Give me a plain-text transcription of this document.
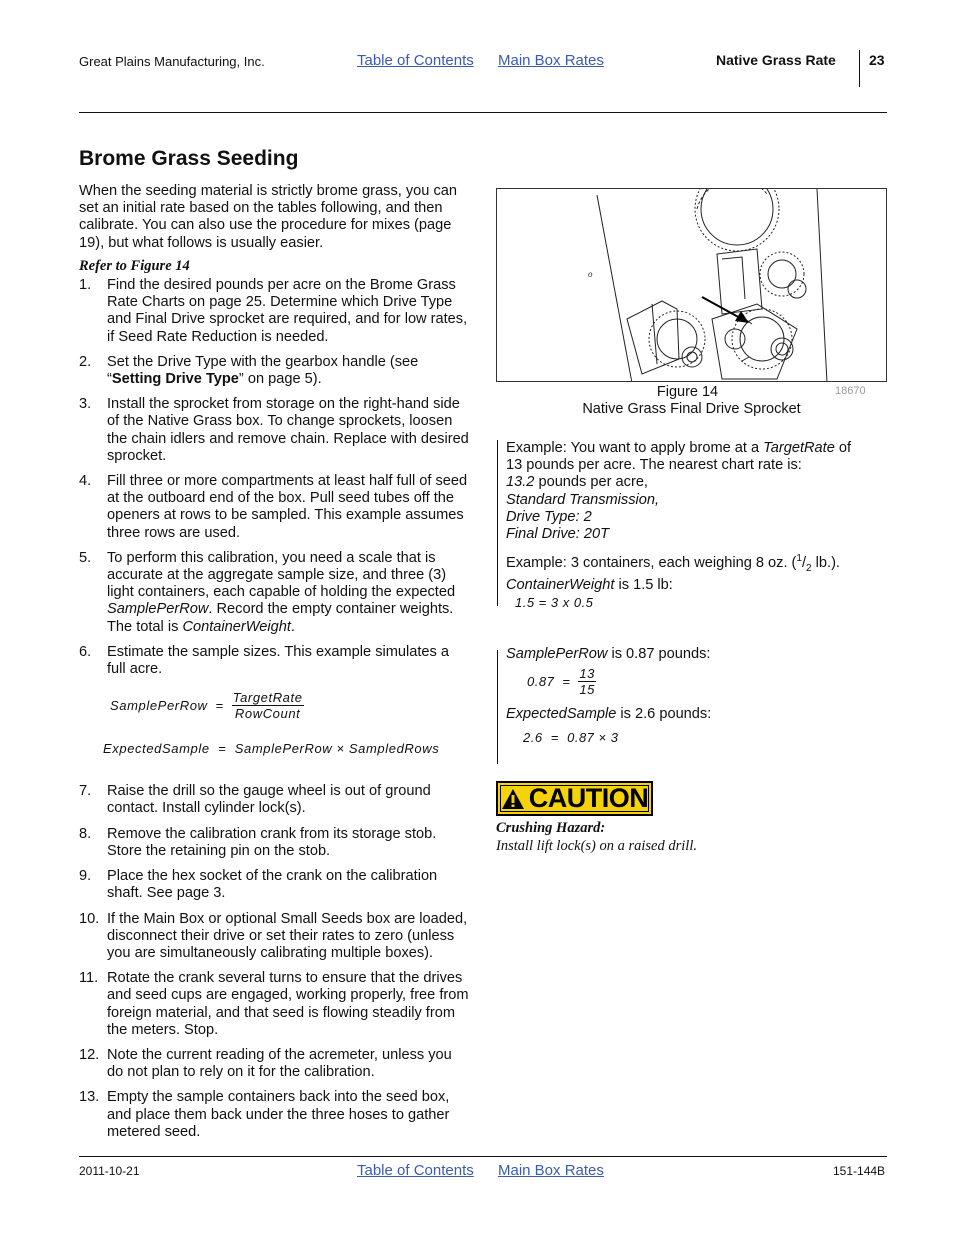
Great Plains Manufacturing, Inc.	Table of Contents Main Box Rates	Native Grass Rate 23
Brome Grass Seeding

When the seeding material is strictly brome grass, you can set an initial rate based on the tables following, and then calibrate. You can also use the procedure for mixes (page 19), but what follows is usually easier.

Refer to Figure 14
1. Find the desired pounds per acre on the Brome Grass Rate Charts on page 25. Determine which Drive Type and Final Drive sprocket are required, and for low rates, if Seed Rate Reduction is needed.
2. Set the Drive Type with the gearbox handle (see “Setting Drive Type” on page 5).
3. Install the sprocket from storage on the right-hand side of the Native Grass box. To change sprockets, loosen the chain idlers and remove chain. Replace with desired sprocket.
4. Fill three or more compartments at least half full of seed at the outboard end of the box. Pull seed tubes off the openers at rows to be sampled. This example assumes three rows are used.
5. To perform this calibration, you need a scale that is accurate at the aggregate sample size, and three (3) light containers, each capable of holding the expected SamplePerRow. Record the empty container weights. The total is ContainerWeight.
6. Estimate the sample sizes. This example simulates a full acre.
SamplePerRow = $\frac{\text{TargetRate}}{\text{RowCount}}$
ExpectedSample = SamplePerRow × SampledRows
7. Raise the drill so the gauge wheel is out of ground contact. Install cylinder lock(s).
8. Remove the calibration crank from its storage stob. Store the retaining pin on the stob.
9. Place the hex socket of the crank on the calibration shaft. See page 3.
10. If the Main Box or optional Small Seeds box are loaded, disconnect their drive or set their rates to zero (unless you are simultaneously calibrating multiple boxes).
11. Rotate the crank several turns to ensure that the drives and seed cups are engaged, working properly, free from foreign material, and that seed is flowing steadily from the meters. Stop.
12. Note the current reading of the acremeter, unless you do not plan to rely on it for the calibration.
13. Empty the sample containers back into the seed box, and place them back under the three hoses to gather metered seed.
o
Figure 14	18670
Native Grass Final Drive Sprocket
Example: You want to apply brome at a TargetRate of
13 pounds per acre. The nearest chart rate is:
13.2 pounds per acre,
Standard Transmission,
Drive Type: 2
Final Drive: 20T
Example: 3 containers, each weighing 8 oz. ($^1/_2$ lb.).
ContainerWeight is 1.5 lb:
1.5 = 3 x 0.5
SamplePerRow is 0.87 pounds:
$0.87 = \frac{13}{15}$
ExpectedSample is 2.6 pounds:
2.6  =  0.87 × 3
CAUTION
Crushing Hazard:
Install lift lock(s) on a raised drill.
2011-10-21	Table of Contents Main Box Rates	151-144B
